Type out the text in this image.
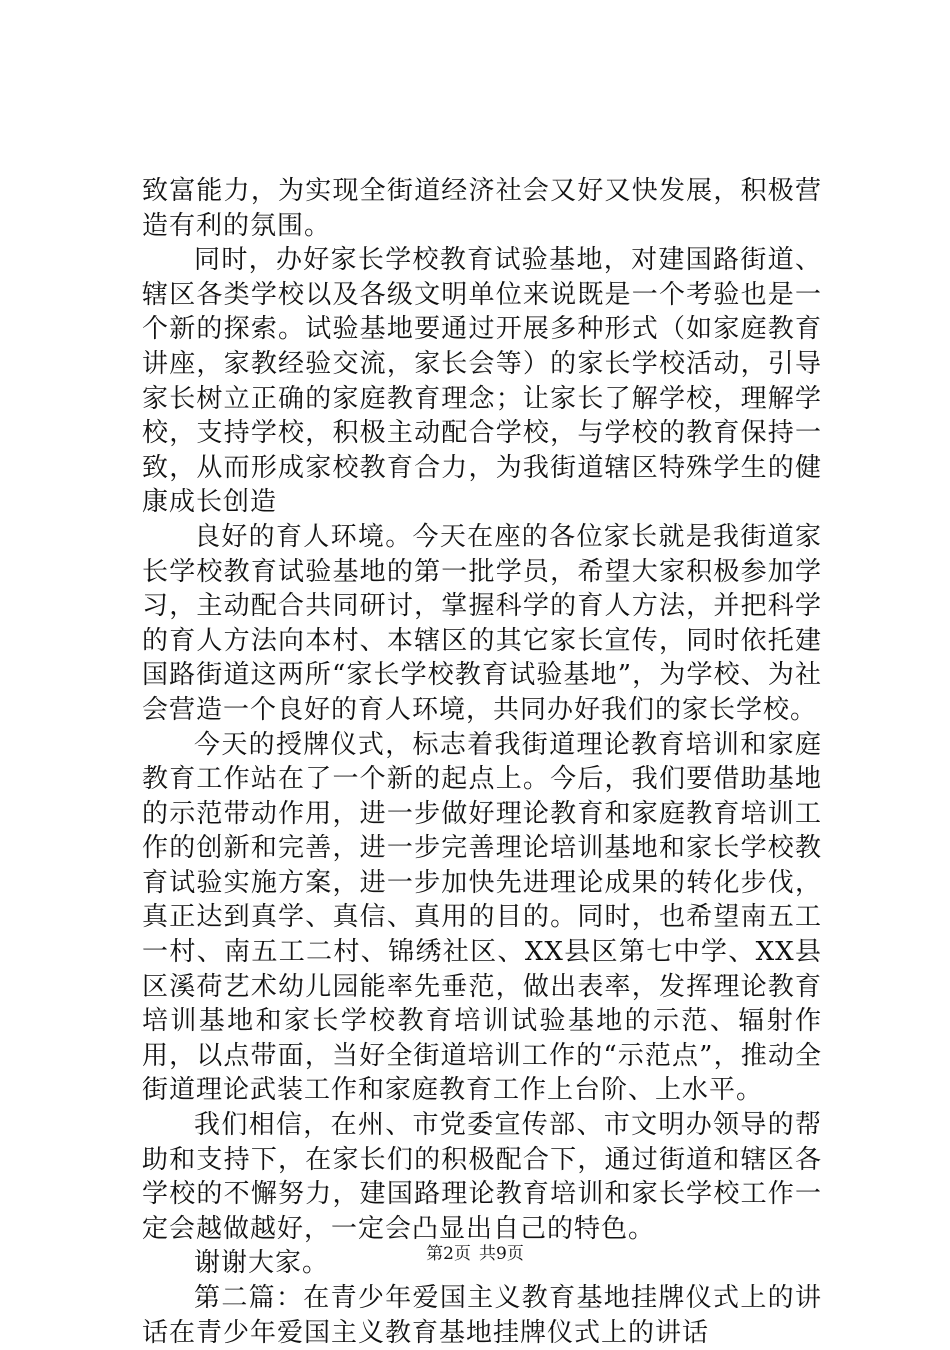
致富能力，为实现全街道经济社会又好又快发展，积极营造有利的氛围。

同时，办好家长学校教育试验基地，对建国路街道、辖区各类学校以及各级文明单位来说既是一个考验也是一个新的探索。试验基地要通过开展多种形式（如家庭教育讲座，家教经验交流，家长会等）的家长学校活动，引导家长树立正确的家庭教育理念；让家长了解学校，理解学校，支持学校，积极主动配合学校，与学校的教育保持一致，从而形成家校教育合力，为我街道辖区特殊学生的健康成长创造

良好的育人环境。今天在座的各位家长就是我街道家长学校教育试验基地的第一批学员，希望大家积极参加学习，主动配合共同研讨，掌握科学的育人方法，并把科学的育人方法向本村、本辖区的其它家长宣传，同时依托建国路街道这两所“家长学校教育试验基地”，为学校、为社会营造一个良好的育人环境，共同办好我们的家长学校。

今天的授牌仪式，标志着我街道理论教育培训和家庭教育工作站在了一个新的起点上。今后，我们要借助基地的示范带动作用，进一步做好理论教育和家庭教育培训工作的创新和完善，进一步完善理论培训基地和家长学校教育试验实施方案，进一步加快先进理论成果的转化步伐，真正达到真学、真信、真用的目的。同时，也希望南五工一村、南五工二村、锦绣社区、XX县区第七中学、XX县区溪荷艺术幼儿园能率先垂范，做出表率，发挥理论教育培训基地和家长学校教育培训试验基地的示范、辐射作用，以点带面，当好全街道培训工作的“示范点”，推动全街道理论武装工作和家庭教育工作上台阶、上水平。

我们相信，在州、市党委宣传部、市文明办领导的帮助和支持下，在家长们的积极配合下，通过街道和辖区各学校的不懈努力，建国路理论教育培训和家长学校工作一定会越做越好，一定会凸显出自己的特色。

谢谢大家。

第二篇：在青少年爱国主义教育基地挂牌仪式上的讲话在青少年爱国主义教育基地挂牌仪式上的讲话

第2页 共9页
